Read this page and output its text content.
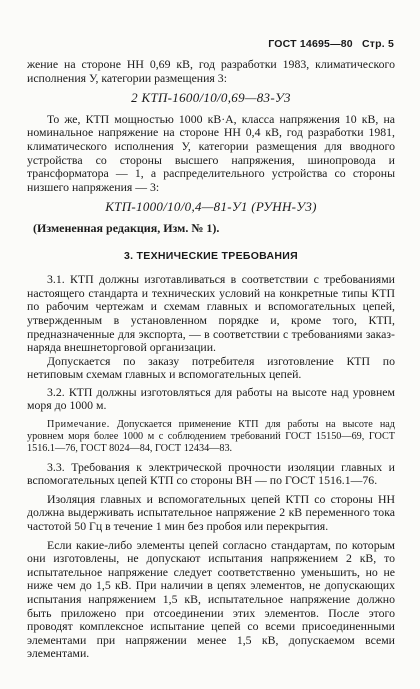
ГОСТ 14695—80 Стр. 5

жение на стороне НН 0,69 кВ, год разработки 1983, климатического исполнения У, категории размещения 3:

2 КТП-1600/10/0,69—83-У3

То же, КТП мощностью 1000 кВ·А, класса напряжения 10 кВ, на номинальное напряжение на стороне НН 0,4 кВ, год разработки 1981, климатического исполнения У, категории размещения для вводного устройства со стороны высшего напряжения, шинопровода и трансформатора — 1, а распределительного устройства со стороны низшего напряжения — 3:

КТП-1000/10/0,4—81-У1 (РУНН-У3)

(Измененная редакция, Изм. № 1).

3. ТЕХНИЧЕСКИЕ ТРЕБОВАНИЯ

3.1. КТП должны изготавливаться в соответствии с требованиями настоящего стандарта и технических условий на конкретные типы КТП по рабочим чертежам и схемам главных и вспомогательных цепей, утвержденным в установленном порядке и, кроме того, КТП, предназначенные для экспорта, — в соответствии с требованиями заказ-наряда внешнеторговой организации.

Допускается по заказу потребителя изготовление КТП по нетиповым схемам главных и вспомогательных цепей.

3.2. КТП должны изготовляться для работы на высоте над уровнем моря до 1000 м.

Примечание. Допускается применение КТП для работы на высоте над уровнем моря более 1000 м с соблюдением требований ГОСТ 15150—69, ГОСТ 1516.1—76, ГОСТ 8024—84, ГОСТ 12434—83.

3.3. Требования к электрической прочности изоляции главных и вспомогательных цепей КТП со стороны ВН — по ГОСТ 1516.1—76.

Изоляция главных и вспомогательных цепей КТП со стороны НН должна выдерживать испытательное напряжение 2 кВ переменного тока частотой 50 Гц в течение 1 мин без пробоя или перекрытия.

Если какие-либо элементы цепей согласно стандартам, по которым они изготовлены, не допускают испытания напряжением 2 кВ, то испытательное напряжение следует соответственно уменьшить, но не ниже чем до 1,5 кВ. При наличии в цепях элементов, не допускающих испытания напряжением 1,5 кВ, испытательное напряжение должно быть приложено при отсоединении этих элементов. После этого проводят комплексное испытание цепей со всеми присоединенными элементами при напряжении менее 1,5 кВ, допускаемом всеми элементами.
